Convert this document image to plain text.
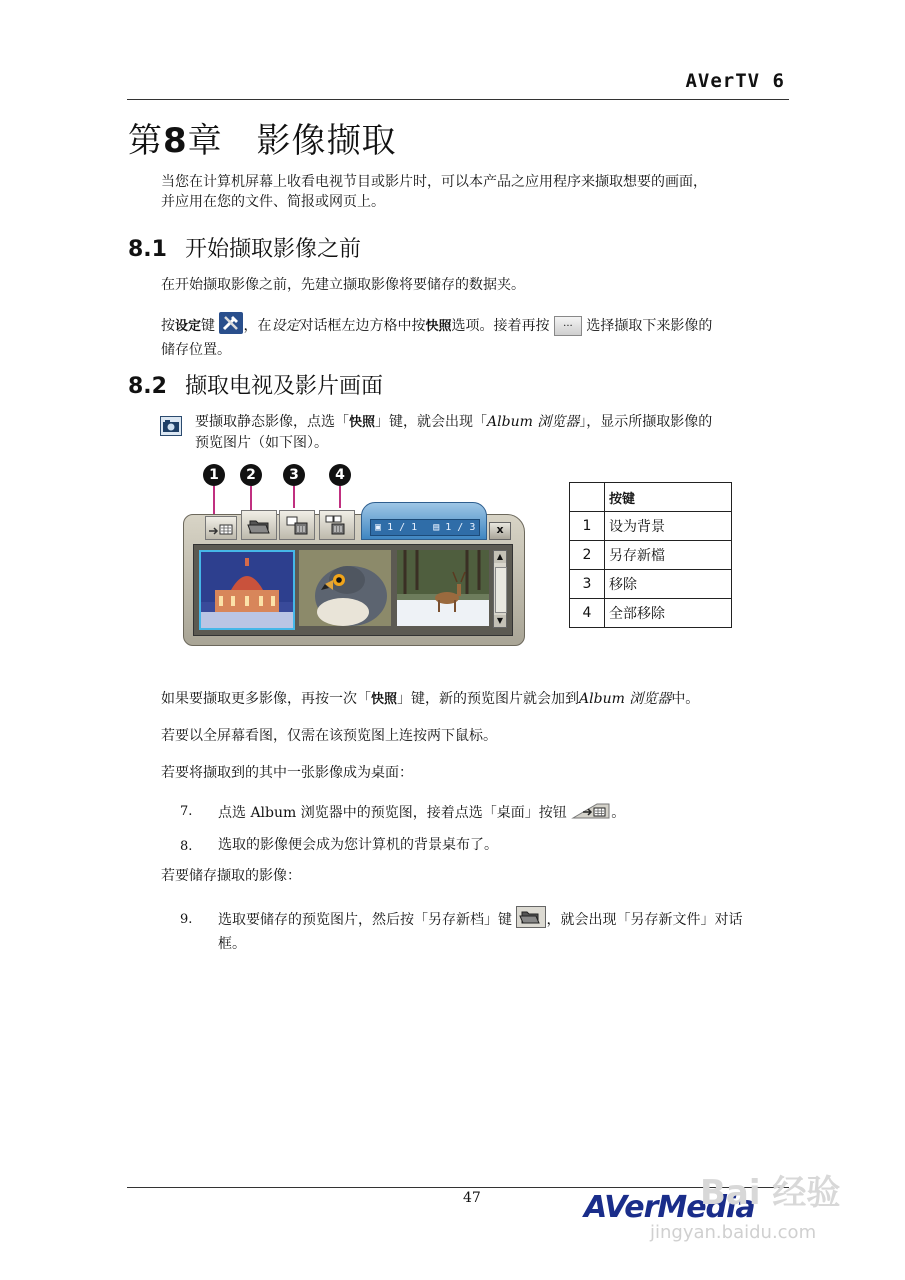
AVerTV 6
第8章 影像撷取
当您在计算机屏幕上收看电视节目或影片时，可以本产品之应用程序来撷取想要的画面，
并应用在您的文件、简报或网页上。
8.1 开始撷取影像之前
在开始撷取影像之前，先建立撷取影像将要储存的数据夹。
按设定键 ，在设定对话框左边方格中按快照选项。接着再按 ... 选择撷取下来影像的
储存位置。
8.2 撷取电视及影片画面
要撷取静态影像，点选「快照」键，就会出现「Album 浏览器」，显示所撷取影像的
预览图片（如下图）。
1	2	3	4
▣ 1 / 1 ▤ 1 / 3	x
▲
▼
	按键
1	设为背景
2	另存新檔
3	移除
4	全部移除
如果要撷取更多影像，再按一次「快照」键，新的预览图片就会加到Album 浏览器中。
若要以全屏幕看图，仅需在该预览图上连按两下鼠标。
若要将撷取到的其中一张影像成为桌面：
7. 点选 Album 浏览器中的预览图，接着点选「桌面」按钮	。
8. 选取的影像便会成为您计算机的背景桌布了。
若要储存撷取的影像：
9. 选取要储存的预览图片，然后按「另存新档」键 ，就会出现「另存新文件」对话
框。
47	AVerMedia
Bai 经验
jingyan.baidu.com
